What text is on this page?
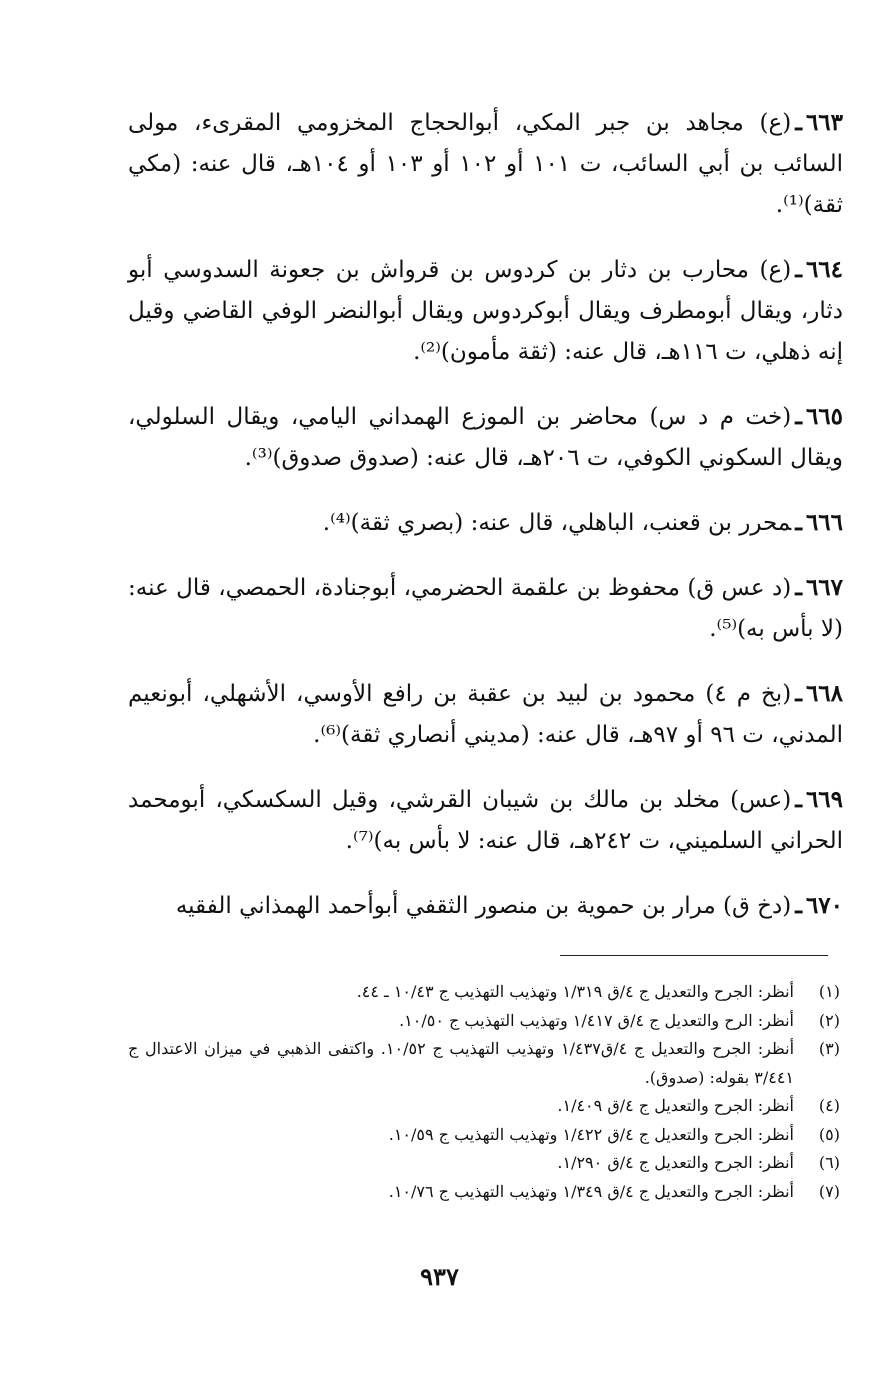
٦٦٣ـ(ع) مجاهد بن جبر المكي، أبوالحجاج المخزومي المقرىء، مولى السائب بن أبي السائب، ت ١٠١ أو ١٠٢ أو ١٠٣ أو ١٠٤هـ، قال عنه: (مكي ثقة)⁽¹⁾.

٦٦٤ـ(ع) محارب بن دثار بن كردوس بن قرواش بن جعونة السدوسي أبو دثار، ويقال أبومطرف ويقال أبوكردوس ويقال أبوالنضر الوفي القاضي وقيل إنه ذهلي، ت ١١٦هـ، قال عنه: (ثقة مأمون)⁽²⁾.

٦٦٥ـ(خت م د س) محاضر بن الموزع الهمداني اليامي، ويقال السلولي، ويقال السكوني الكوفي، ت ٢٠٦هـ، قال عنه: (صدوق صدوق)⁽³⁾.

٦٦٦ـمحرر بن قعنب، الباهلي، قال عنه: (بصري ثقة)⁽⁴⁾.

٦٦٧ـ(د عس ق) محفوظ بن علقمة الحضرمي، أبوجنادة، الحمصي، قال عنه: (لا بأس به)⁽⁵⁾.

٦٦٨ـ(بخ م ٤) محمود بن لبيد بن عقبة بن رافع الأوسي، الأشهلي، أبونعيم المدني، ت ٩٦ أو ٩٧هـ، قال عنه: (مديني أنصاري ثقة)⁽⁶⁾.

٦٦٩ـ(عس) مخلد بن مالك بن شيبان القرشي، وقيل السكسكي، أبومحمد الحراني السلميني، ت ٢٤٢هـ، قال عنه: لا بأس به)⁽⁷⁾.

٦٧٠ـ(دخ ق) مرار بن حموية بن منصور الثقفي أبوأحمد الهمذاني الفقيه

(١)
أنظر: الجرح والتعديل ج ٤/ق ١/٣١٩ وتهذيب التهذيب ج ١٠/٤٣ ـ ٤٤.
(٢)
أنظر: الرح والتعديل ج ٤/ق ١/٤١٧ وتهذيب التهذيب ج ١٠/٥٠.
(٣)
أنظر: الجرح والتعديل ج ٤/ق١/٤٣٧ وتهذيب التهذيب ج ١٠/٥٢. واكتفى الذهبي في ميزان الاعتدال ج ٣/٤٤١ بقوله: (صدوق).
(٤)
أنظر: الجرح والتعديل ج ٤/ق ١/٤٠٩.
(٥)
أنظر: الجرح والتعديل ج ٤/ق ١/٤٢٢ وتهذيب التهذيب ج ١٠/٥٩.
(٦)
أنظر: الجرح والتعديل ج ٤/ق ١/٢٩٠.
(٧)
أنظر: الجرح والتعديل ج ٤/ق ١/٣٤٩ وتهذيب التهذيب ج ١٠/٧٦.
٩٣٧
